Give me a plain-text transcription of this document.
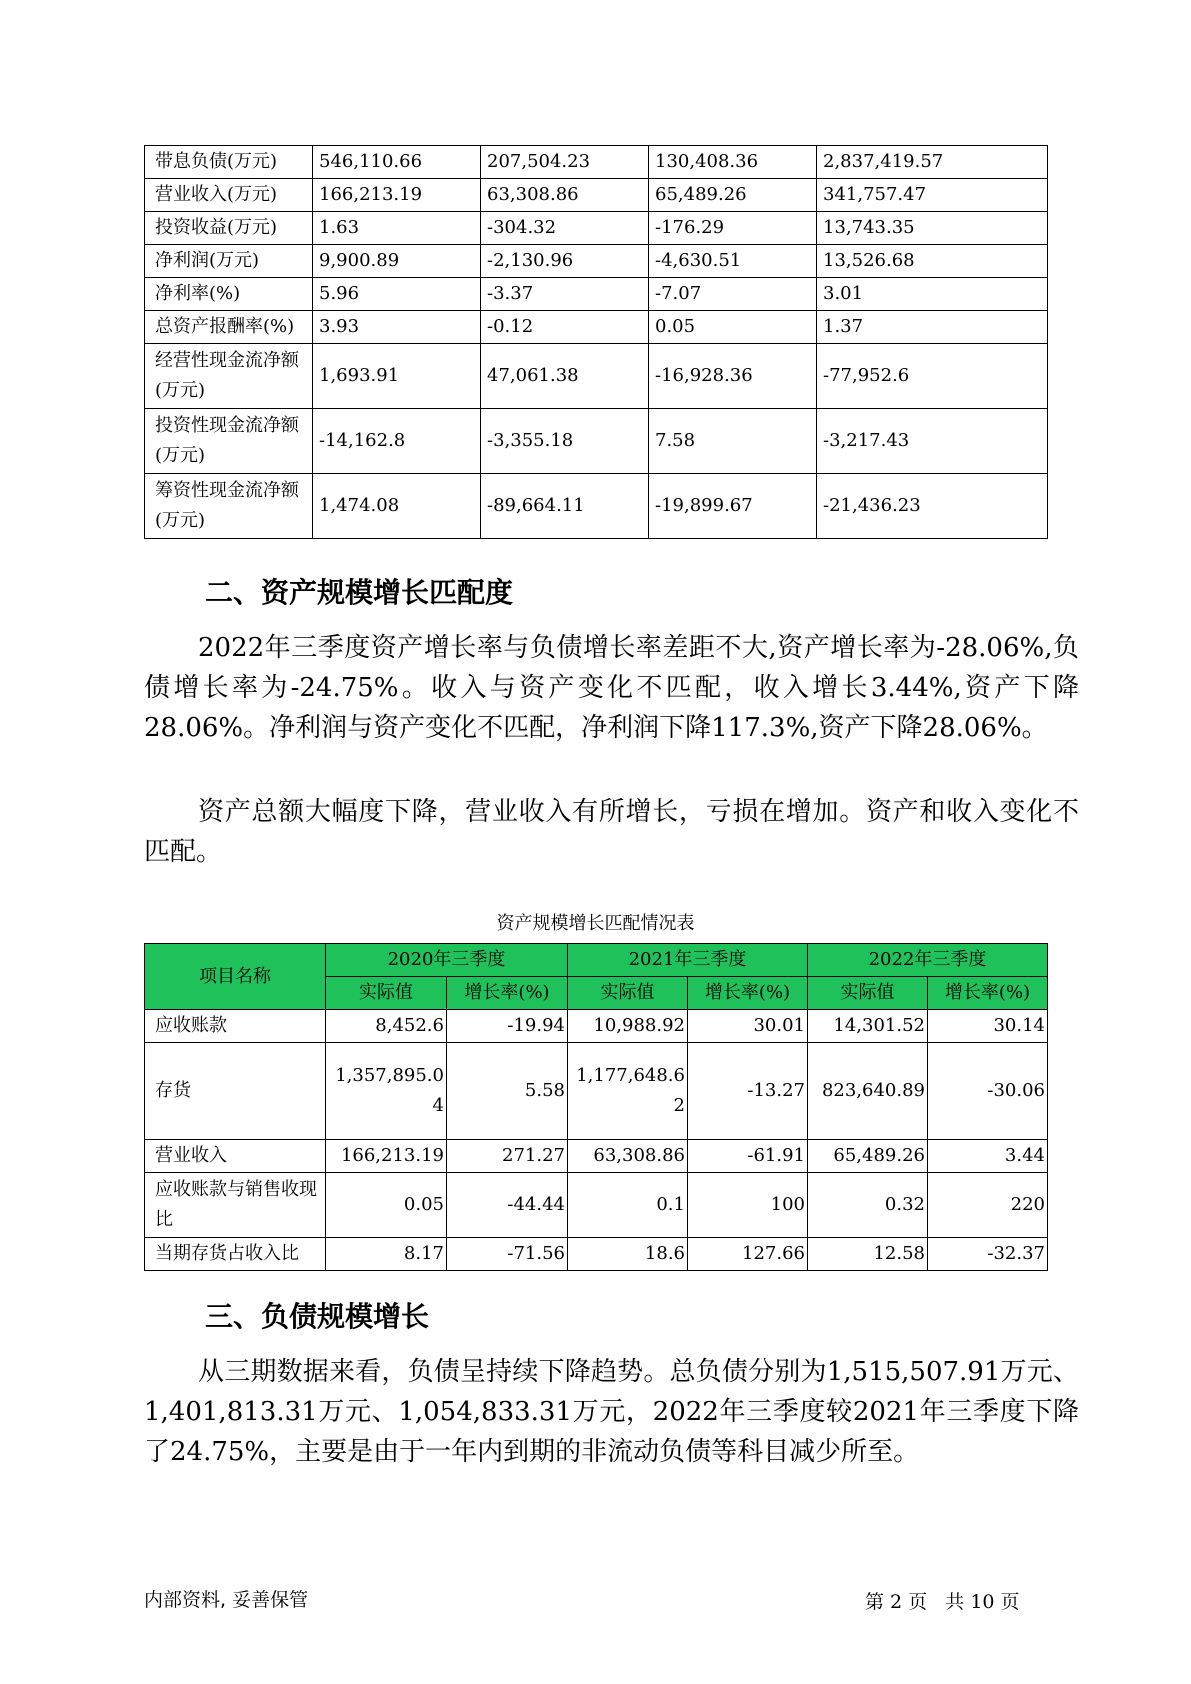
带息负债(万元)	546,110.66	207,504.23	130,408.36	2,837,419.57
营业收入(万元)	166,213.19	63,308.86	65,489.26	341,757.47
投资收益(万元)	1.63	-304.32	-176.29	13,743.35
净利润(万元)	9,900.89	-2,130.96	-4,630.51	13,526.68
净利率(%)	5.96	-3.37	-7.07	3.01
总资产报酬率(%)	3.93	-0.12	0.05	1.37
经营性现金流净额(万元)	1,693.91	47,061.38	-16,928.36	-77,952.6
投资性现金流净额(万元)	-14,162.8	-3,355.18	7.58	-3,217.43
筹资性现金流净额(万元)	1,474.08	-89,664.11	-19,899.67	-21,436.23
二、资产规模增长匹配度

2022年三季度资产增长率与负债增长率差距不大,资产增长率为-28.06%,负债增长率为-24.75%。收入与资产变化不匹配，收入增长3.44%,资产下降28.06%。净利润与资产变化不匹配，净利润下降117.3%,资产下降28.06%。

资产总额大幅度下降，营业收入有所增长，亏损在增加。资产和收入变化不匹配。

资产规模增长匹配情况表
项目名称	2020年三季度		2021年三季度		2022年三季度	
	实际值	增长率(%)	实际值	增长率(%)	实际值	增长率(%)
应收账款	8,452.6	-19.94	10,988.92	30.01	14,301.52	30.14
存货	1,357,895.04	5.58	1,177,648.62	-13.27	823,640.89	-30.06
营业收入	166,213.19	271.27	63,308.86	-61.91	65,489.26	3.44
应收账款与销售收现比	0.05	-44.44	0.1	100	0.32	220
当期存货占收入比	8.17	-71.56	18.6	127.66	12.58	-32.37
三、负债规模增长

从三期数据来看，负债呈持续下降趋势。总负债分别为1,515,507.91万元、1,401,813.31万元、1,054,833.31万元，2022年三季度较2021年三季度下降了24.75%，主要是由于一年内到期的非流动负债等科目减少所至。

内部资料, 妥善保管	第 2 页   共 10 页
